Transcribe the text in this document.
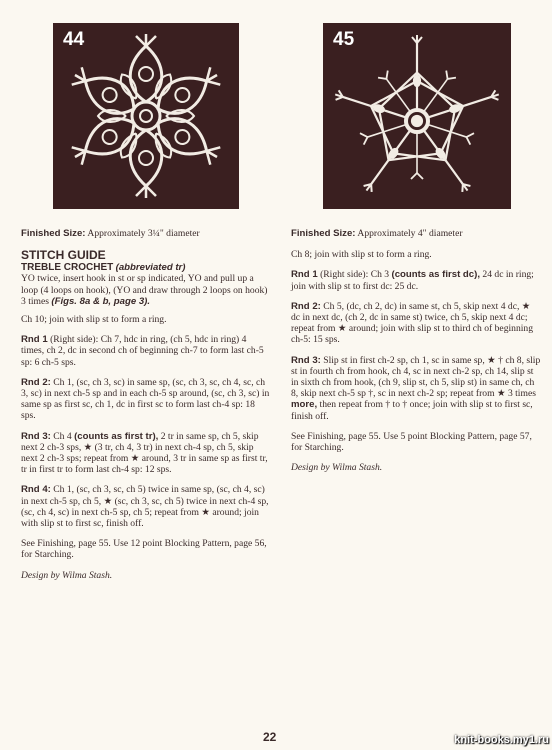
44	45

Finished Size: Approximately 3¼" diameter

STITCH GUIDE
TREBLE CROCHET (abbreviated tr)
YO twice, insert hook in st or sp indicated, YO and pull up a loop (4 loops on hook), (YO and draw through 2 loops on hook) 3 times (Figs. 8a & b, page 3).

Ch 10; join with slip st to form a ring.

Rnd 1 (Right side): Ch 7, hdc in ring, (ch 5, hdc in ring) 4 times, ch 2, dc in second ch of beginning ch-7 to form last ch-5 sp: 6 ch-5 sps.

Rnd 2: Ch 1, (sc, ch 3, sc) in same sp, (sc, ch 3, sc, ch 4, sc, ch 3, sc) in next ch-5 sp and in each ch-5 sp around, (sc, ch 3, sc) in same sp as first sc, ch 1, dc in first sc to form last ch-4 sp: 18 sps.

Rnd 3: Ch 4 (counts as first tr), 2 tr in same sp, ch 5, skip next 2 ch-3 sps, ★ (3 tr, ch 4, 3 tr) in next ch-4 sp, ch 5, skip next 2 ch-3 sps; repeat from ★ around, 3 tr in same sp as first tr, tr in first tr to form last ch-4 sp: 12 sps.

Rnd 4: Ch 1, (sc, ch 3, sc, ch 5) twice in same sp, (sc, ch 4, sc) in next ch-5 sp, ch 5, ★ (sc, ch 3, sc, ch 5) twice in next ch-4 sp, (sc, ch 4, sc) in next ch-5 sp, ch 5; repeat from ★ around; join with slip st to first sc, finish off.

See Finishing, page 55. Use 12 point Blocking Pattern, page 56, for Starching.

Design by Wilma Stash.

Finished Size: Approximately 4" diameter

Ch 8; join with slip st to form a ring.

Rnd 1 (Right side): Ch 3 (counts as first dc), 24 dc in ring; join with slip st to first dc: 25 dc.

Rnd 2: Ch 5, (dc, ch 2, dc) in same st, ch 5, skip next 4 dc, ★ dc in next dc, (ch 2, dc in same st) twice, ch 5, skip next 4 dc; repeat from ★ around; join with slip st to third ch of beginning ch-5: 15 sps.

Rnd 3: Slip st in first ch-2 sp, ch 1, sc in same sp, ★ † ch 8, slip st in fourth ch from hook, ch 4, sc in next ch-2 sp, ch 14, slip st in sixth ch from hook, (ch 9, slip st, ch 5, slip st) in same ch, ch 8, skip next ch-5 sp †, sc in next ch-2 sp; repeat from ★ 3 times more, then repeat from † to † once; join with slip st to first sc, finish off.

See Finishing, page 55. Use 5 point Blocking Pattern, page 57, for Starching.

Design by Wilma Stash.

22	knit-books.my1.ru
